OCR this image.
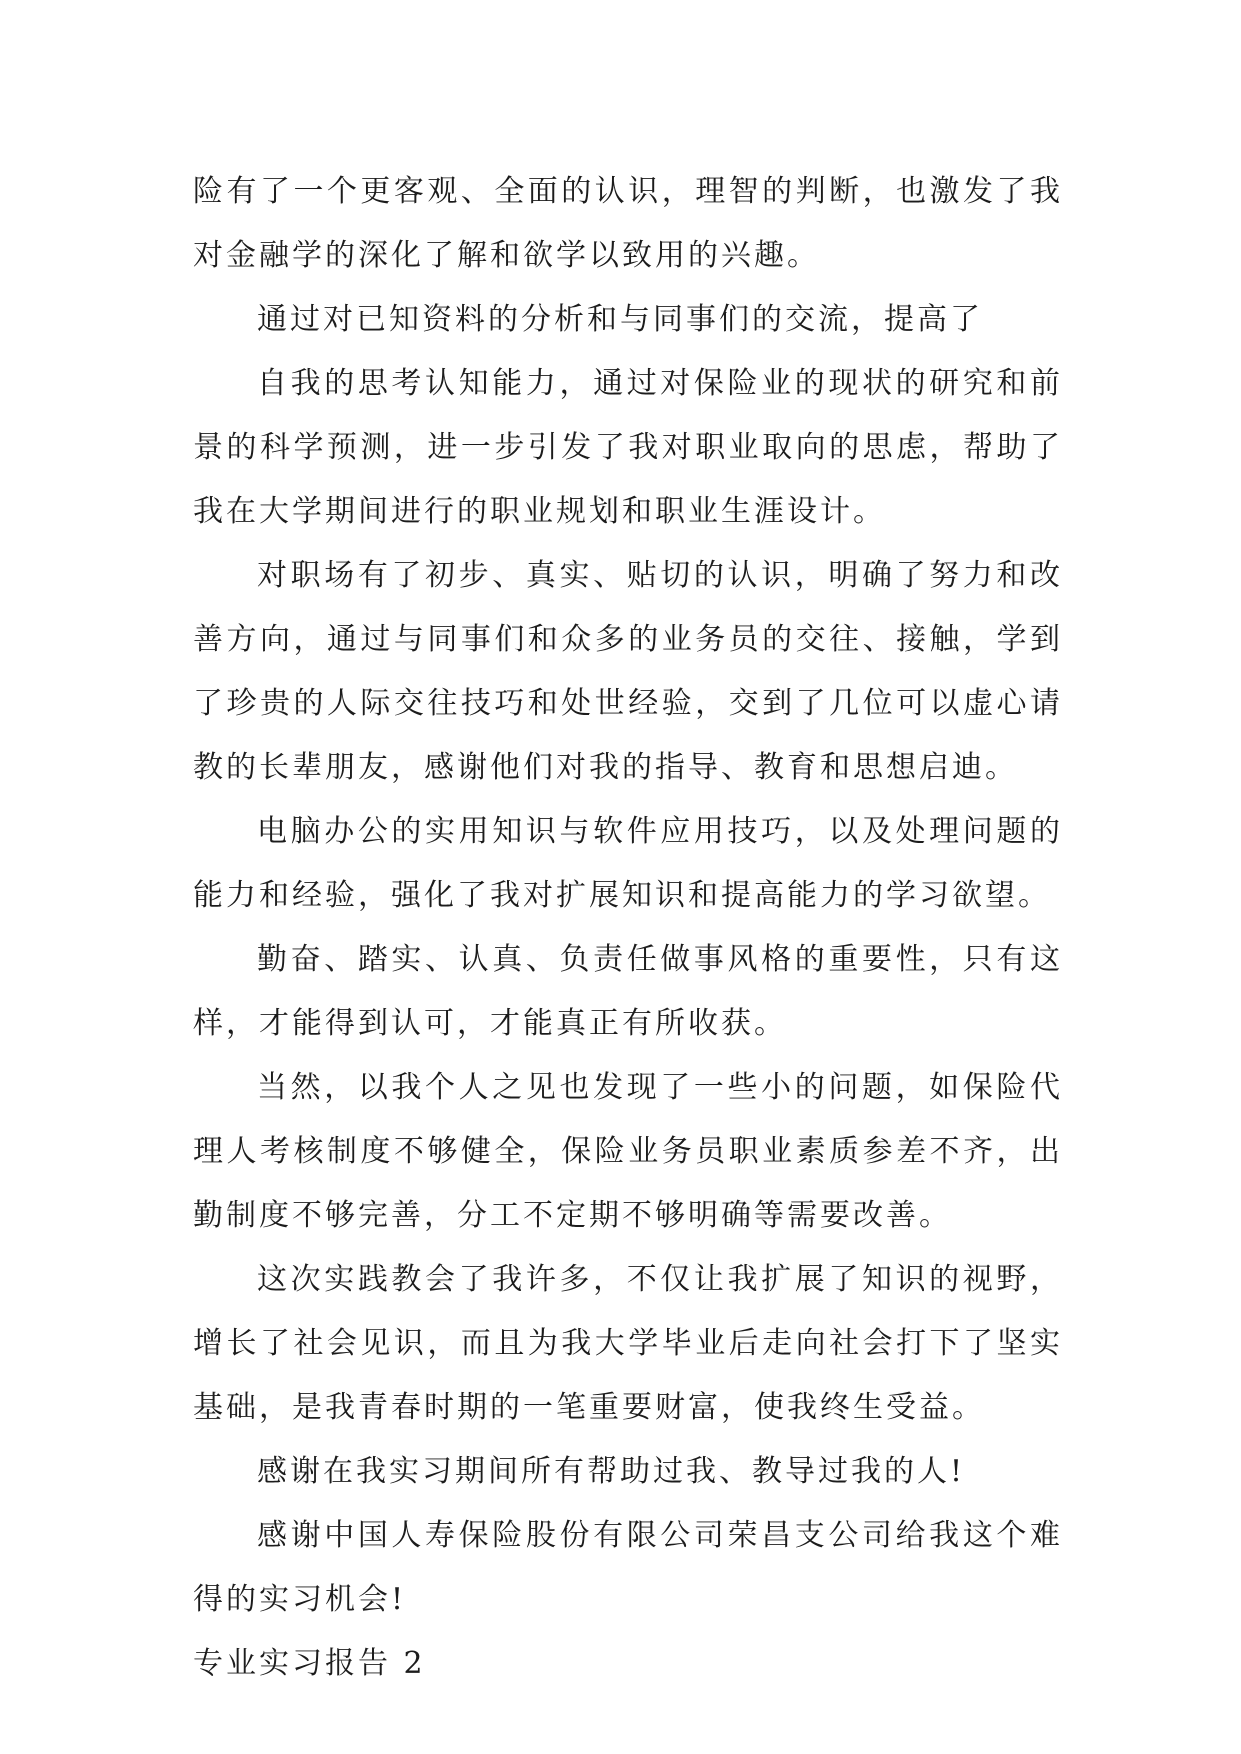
险有了一个更客观、全面的认识，理智的判断，也激发了我对金融学的深化了解和欲学以致用的兴趣。

通过对已知资料的分析和与同事们的交流，提高了

自我的思考认知能力，通过对保险业的现状的研究和前景的科学预测，进一步引发了我对职业取向的思虑，帮助了我在大学期间进行的职业规划和职业生涯设计。

对职场有了初步、真实、贴切的认识，明确了努力和改善方向，通过与同事们和众多的业务员的交往、接触，学到了珍贵的人际交往技巧和处世经验，交到了几位可以虚心请教的长辈朋友，感谢他们对我的指导、教育和思想启迪。

电脑办公的实用知识与软件应用技巧，以及处理问题的能力和经验，强化了我对扩展知识和提高能力的学习欲望。

勤奋、踏实、认真、负责任做事风格的重要性，只有这样，才能得到认可，才能真正有所收获。

当然，以我个人之见也发现了一些小的问题，如保险代理人考核制度不够健全，保险业务员职业素质参差不齐，出勤制度不够完善，分工不定期不够明确等需要改善。

这次实践教会了我许多，不仅让我扩展了知识的视野，增长了社会见识，而且为我大学毕业后走向社会打下了坚实基础，是我青春时期的一笔重要财富，使我终生受益。

感谢在我实习期间所有帮助过我、教导过我的人!

感谢中国人寿保险股份有限公司荣昌支公司给我这个难得的实习机会!

专业实习报告 2
